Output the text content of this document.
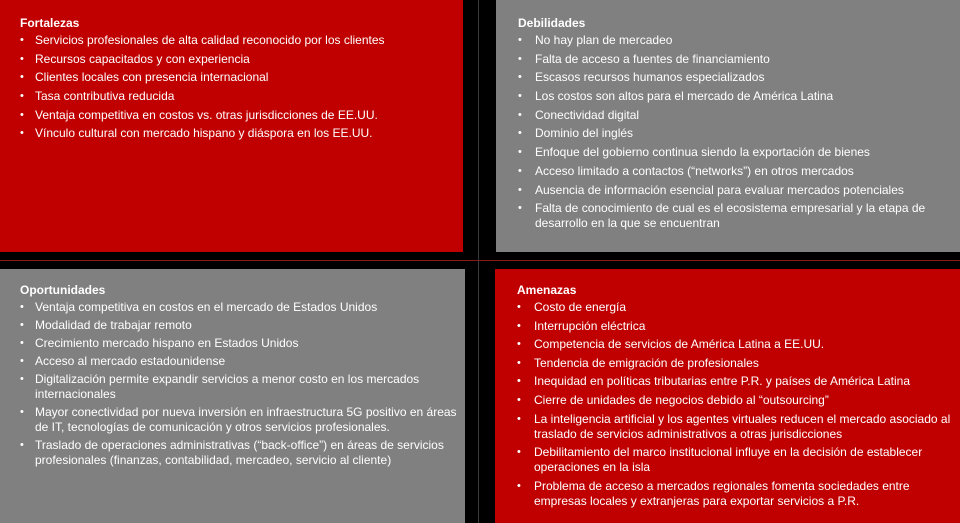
Fortalezas
• Servicios profesionales de alta calidad reconocido por los clientes
• Recursos capacitados y con experiencia
• Clientes locales con presencia internacional
• Tasa contributiva reducida
• Ventaja competitiva en costos vs. otras jurisdicciones de EE.UU.
• Vínculo cultural con mercado hispano y diáspora en los EE.UU.
Debilidades
• No hay plan de mercadeo
• Falta de acceso a fuentes de financiamiento
• Escasos recursos humanos especializados
• Los costos son altos para el mercado de América Latina
• Conectividad digital
• Dominio del inglés
• Enfoque del gobierno continua siendo la exportación de bienes
• Acceso limitado a contactos (“networks”) en otros mercados
• Ausencia de información esencial para evaluar mercados potenciales
• Falta de conocimiento de cual es el ecosistema empresarial y la etapa de desarrollo en la que se encuentran
Oportunidades
• Ventaja competitiva en costos en el mercado de Estados Unidos
• Modalidad de trabajar remoto
• Crecimiento mercado hispano en Estados Unidos
• Acceso al mercado estadounidense
• Digitalización permite expandir servicios a menor costo en los mercados internacionales
• Mayor conectividad por nueva inversión en infraestructura 5G positivo en áreas de IT, tecnologías de comunicación y otros servicios profesionales.
• Traslado de operaciones administrativas (“back-office”) en áreas de servicios profesionales (finanzas, contabilidad, mercadeo, servicio al cliente)
Amenazas
• Costo de energía
• Interrupción eléctrica
• Competencia de servicios de América Latina a EE.UU.
• Tendencia de emigración de profesionales
• Inequidad en políticas tributarias entre P.R. y países de América Latina
• Cierre de unidades de negocios debido al “outsourcing”
• La inteligencia artificial y los agentes virtuales reducen el mercado asociado al traslado de servicios administrativos a otras jurisdicciones
• Debilitamiento del marco institucional influye en la decisión de establecer operaciones en la isla
• Problema de acceso a mercados regionales fomenta sociedades entre empresas locales y extranjeras para exportar servicios a P.R.
